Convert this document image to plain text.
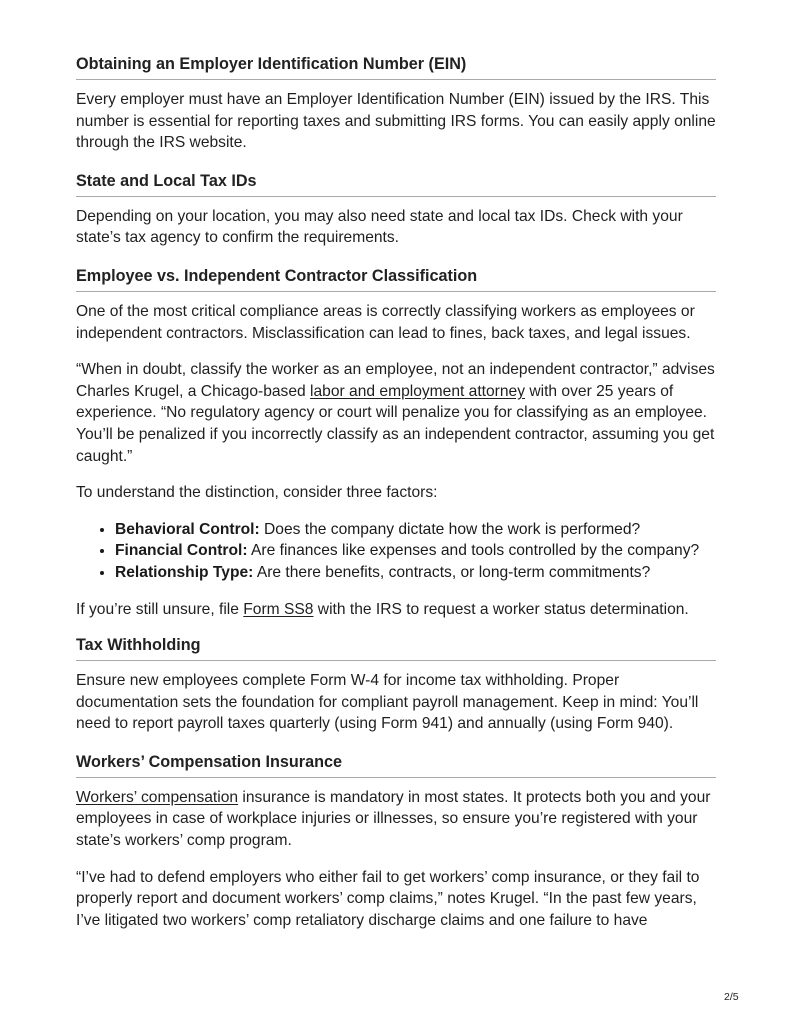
Obtaining an Employer Identification Number (EIN)

Every employer must have an Employer Identification Number (EIN) issued by the IRS. This number is essential for reporting taxes and submitting IRS forms. You can easily apply online through the IRS website.

State and Local Tax IDs

Depending on your location, you may also need state and local tax IDs. Check with your state’s tax agency to confirm the requirements.

Employee vs. Independent Contractor Classification

One of the most critical compliance areas is correctly classifying workers as employees or independent contractors. Misclassification can lead to fines, back taxes, and legal issues.

“When in doubt, classify the worker as an employee, not an independent contractor,” advises Charles Krugel, a Chicago-based labor and employment attorney with over 25 years of experience. “No regulatory agency or court will penalize you for classifying as an employee. You’ll be penalized if you incorrectly classify as an independent contractor, assuming you get caught.”

To understand the distinction, consider three factors:

• Behavioral Control: Does the company dictate how the work is performed?
• Financial Control: Are finances like expenses and tools controlled by the company?
• Relationship Type: Are there benefits, contracts, or long-term commitments?

If you’re still unsure, file Form SS8 with the IRS to request a worker status determination.

Tax Withholding

Ensure new employees complete Form W-4 for income tax withholding. Proper documentation sets the foundation for compliant payroll management. Keep in mind: You’ll need to report payroll taxes quarterly (using Form 941) and annually (using Form 940).

Workers’ Compensation Insurance

Workers’ compensation insurance is mandatory in most states. It protects both you and your employees in case of workplace injuries or illnesses, so ensure you’re registered with your state’s workers’ comp program.

“I’ve had to defend employers who either fail to get workers’ comp insurance, or they fail to properly report and document workers’ comp claims,” notes Krugel. “In the past few years, I’ve litigated two workers’ comp retaliatory discharge claims and one failure to have

2/5
